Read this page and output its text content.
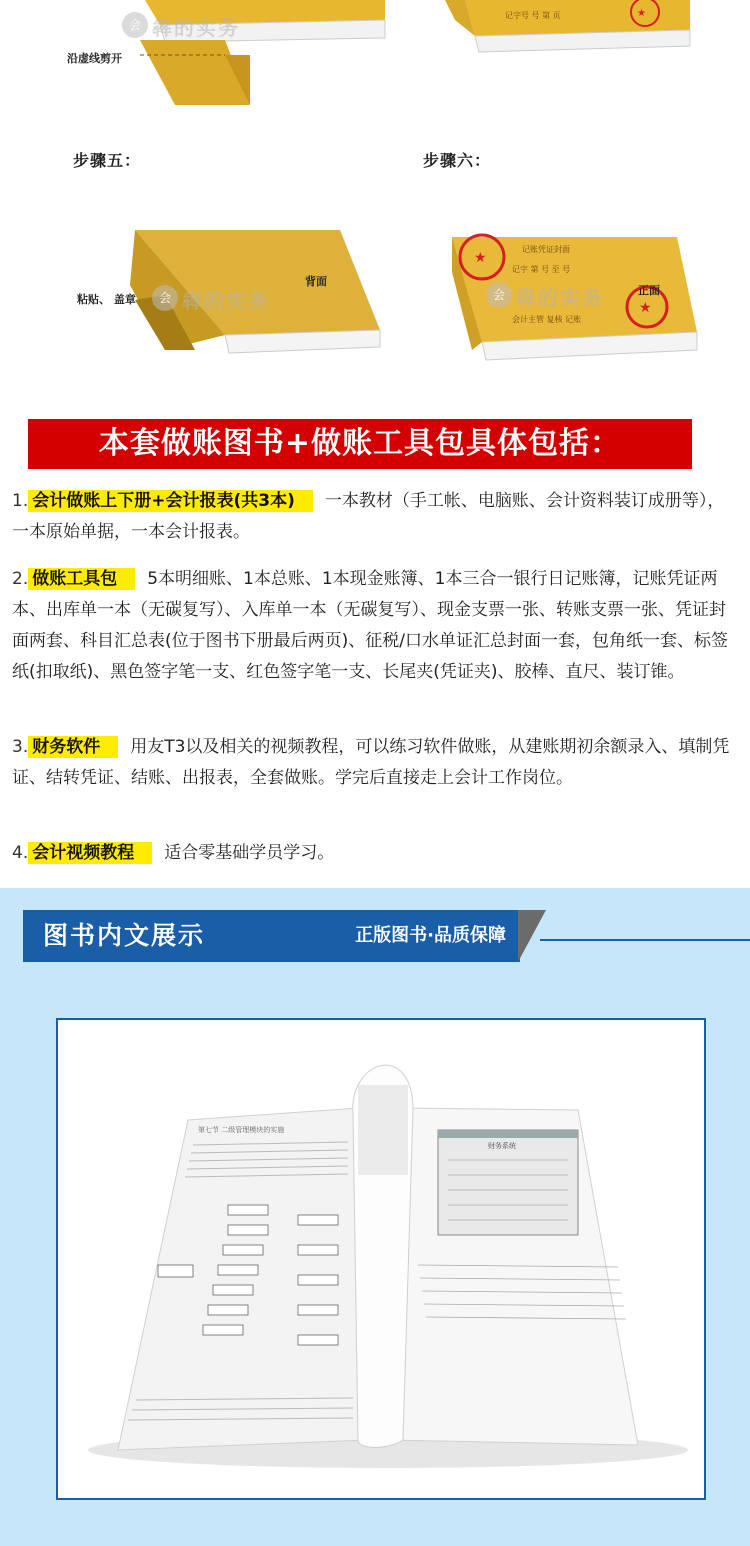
会 犇的实务
沿虚线剪开
记字号 号 第 页	★
步骤五：	步骤六：
背面
粘贴、 盖章	会 犇的实务
记账凭证封面
记字 第 号 至 号
会计主管 复核 记账
★
★
正面
会 犇的实务
本套做账图书+做账工具包具体包括：
1. 会计做账上下册+会计报表(共3本) 一本教材（手工帐、电脑账、会计资料装订成册等），一本原始单据，一本会计报表。
2. 做账工具包 5本明细账、1本总账、1本现金账簿、1本三合一银行日记账簿，记账凭证两本、出库单一本（无碳复写）、入库单一本（无碳复写）、现金支票一张、转账支票一张、凭证封面两套、科目汇总表(位于图书下册最后两页)、征税/口水单证汇总封面一套，包角纸一套、标签纸(扣取纸)、黑色签字笔一支、红色签字笔一支、长尾夹(凭证夹)、胶棒、直尺、装订锥。
3. 财务软件 用友T3以及相关的视频教程，可以练习软件做账，从建账期初余额录入、填制凭证、结转凭证、结账、出报表，全套做账。学完后直接走上会计工作岗位。
4. 会计视频教程 适合零基础学员学习。
图书内文展示	正版图书·品质保障
第七节 二级管理模块的实施
财务系统
